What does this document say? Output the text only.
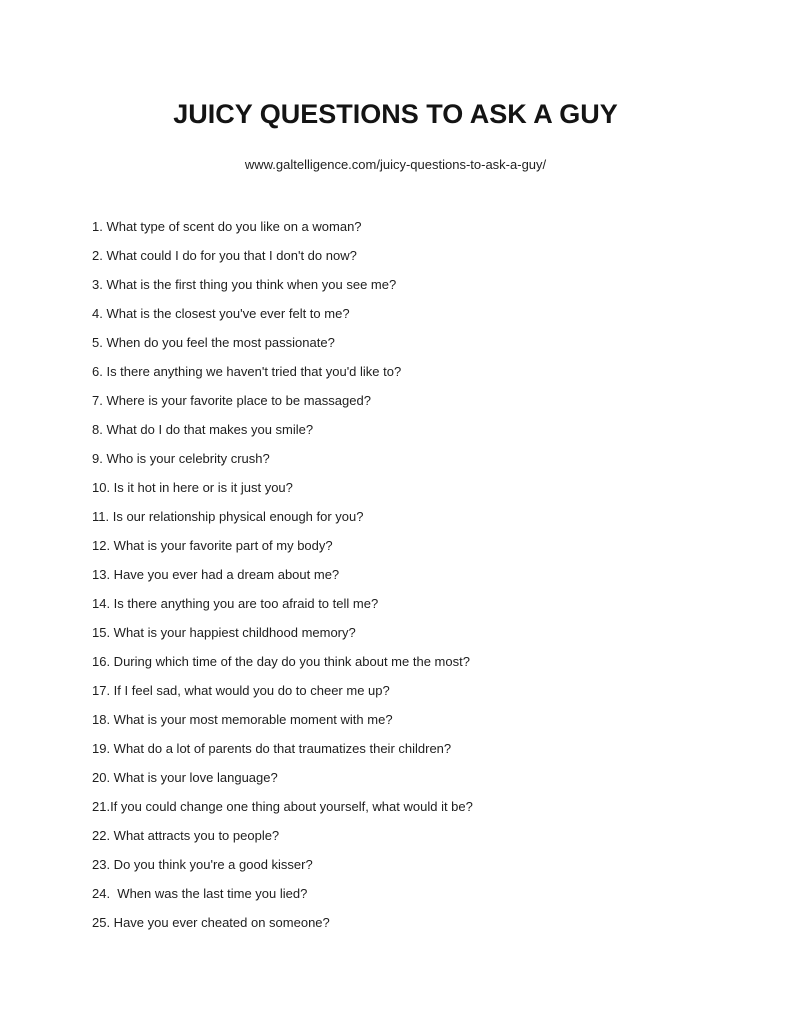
JUICY QUESTIONS TO ASK A GUY
www.galtelligence.com/juicy-questions-to-ask-a-guy/
1. What type of scent do you like on a woman?
2. What could I do for you that I don't do now?
3. What is the first thing you think when you see me?
4. What is the closest you've ever felt to me?
5. When do you feel the most passionate?
6. Is there anything we haven't tried that you'd like to?
7. Where is your favorite place to be massaged?
8. What do I do that makes you smile?
9. Who is your celebrity crush?
10. Is it hot in here or is it just you?
11. Is our relationship physical enough for you?
12. What is your favorite part of my body?
13. Have you ever had a dream about me?
14. Is there anything you are too afraid to tell me?
15. What is your happiest childhood memory?
16. During which time of the day do you think about me the most?
17. If I feel sad, what would you do to cheer me up?
18. What is your most memorable moment with me?
19. What do a lot of parents do that traumatizes their children?
20. What is your love language?
21.If you could change one thing about yourself, what would it be?
22. What attracts you to people?
23. Do you think you're a good kisser?
24.  When was the last time you lied?
25. Have you ever cheated on someone?
